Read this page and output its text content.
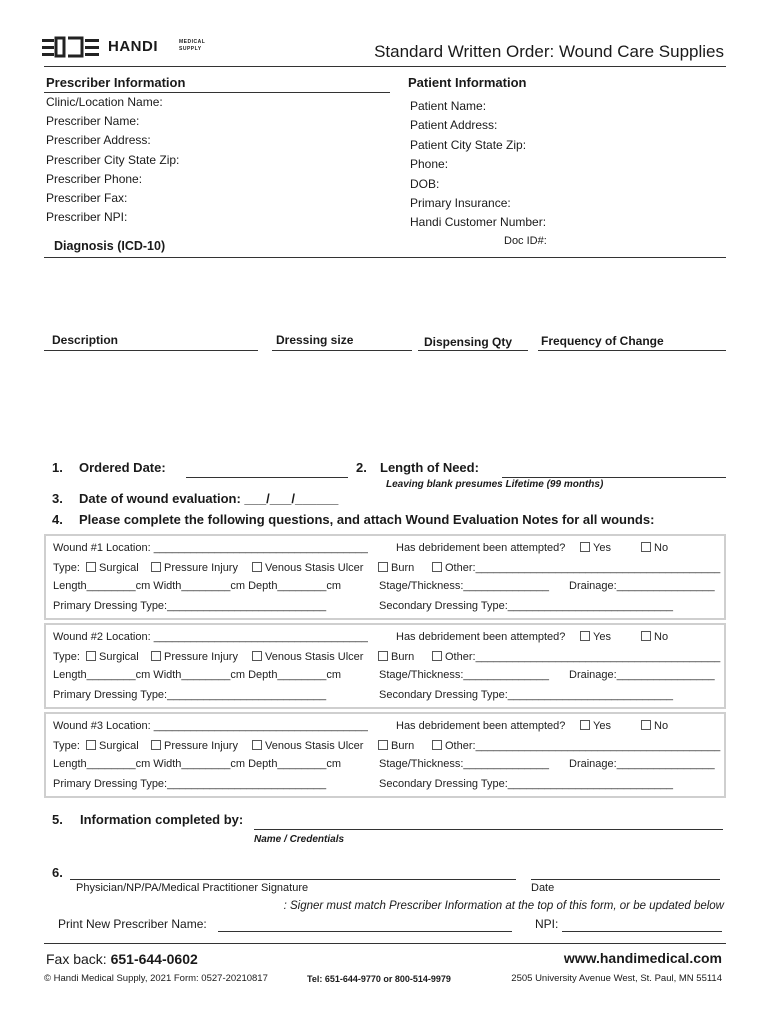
HANDI	MEDICAL
SUPPLY	Standard Written Order: Wound Care Supplies
Prescriber Information
Clinic/Location Name:
Prescriber Name:
Prescriber Address:
Prescriber City State Zip:
Prescriber Phone:
Prescriber Fax:
Prescriber NPI:
Patient Information
Patient Name:
Patient Address:
Patient City State Zip:
Phone:
DOB:
Primary Insurance:
Handi Customer Number:
Doc ID#:
Diagnosis (ICD-10)
Description	Dressing size	Dispensing Qty Frequency of Change
1. Ordered Date:	2. Length of Need:
Leaving blank presumes Lifetime (99 months)
3. Date of wound evaluation: ___/___/______
4. Please complete the following questions, and attach Wound Evaluation Notes for all wounds:
Wound #1 Location: ___________________________________	Has debridement been attempted?	Yes	No
Type:	Surgical	Pressure Injury	Venous Stasis Ulcer	Burn	Other:________________________________________
Length________cm Width________cm Depth________cm	Stage/Thickness:______________ Drainage:________________
Primary Dressing Type:__________________________	Secondary Dressing Type:___________________________
Wound #2 Location: ___________________________________	Has debridement been attempted?	Yes	No
Type:	Surgical	Pressure Injury	Venous Stasis Ulcer	Burn	Other:________________________________________
Length________cm Width________cm Depth________cm	Stage/Thickness:______________ Drainage:________________
Primary Dressing Type:__________________________	Secondary Dressing Type:___________________________
Wound #3 Location: ___________________________________	Has debridement been attempted?	Yes	No
Type:	Surgical	Pressure Injury	Venous Stasis Ulcer	Burn	Other:________________________________________
Length________cm Width________cm Depth________cm	Stage/Thickness:______________ Drainage:________________
Primary Dressing Type:__________________________	Secondary Dressing Type:___________________________
5. Information completed by:
Name / Credentials
6.
Physician/NP/PA/Medical Practitioner Signature	Date
: Signer must match Prescriber Information at the top of this form, or be updated below
Print New Prescriber Name:	NPI:
Fax back: 651-644-0602	www.handimedical.com
© Handi Medical Supply, 2021 Form: 0527-20210817	Tel: 651-644-9770 or 800-514-9979	2505 University Avenue West, St. Paul, MN 55114
